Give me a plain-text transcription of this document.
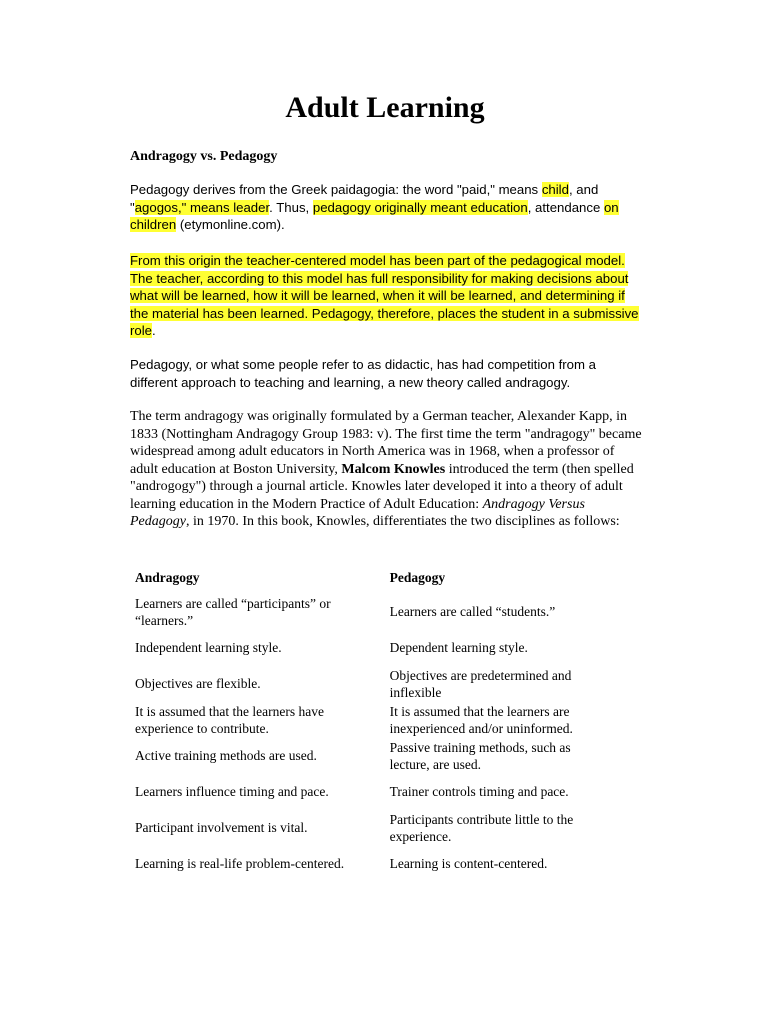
Adult Learning
Andragogy vs. Pedagogy

Pedagogy derives from the Greek paidagogia: the word "paid," means child, and "agogos," means leader. Thus, pedagogy originally meant education, attendance on children (etymonline.com).

From this origin the teacher-centered model has been part of the pedagogical model. The teacher, according to this model has full responsibility for making decisions about what will be learned, how it will be learned, when it will be learned, and determining if the material has been learned. Pedagogy, therefore, places the student in a submissive role.

Pedagogy, or what some people refer to as didactic, has had competition from a different approach to teaching and learning, a new theory called andragogy.

The term andragogy was originally formulated by a German teacher, Alexander Kapp, in 1833 (Nottingham Andragogy Group 1983: v). The first time the term "andragogy" became widespread among adult educators in North America was in 1968, when a professor of adult education at Boston University, Malcom Knowles introduced the term (then spelled "androgogy") through a journal article. Knowles later developed it into a theory of adult learning education in the Modern Practice of Adult Education: Andragogy Versus Pedagogy, in 1970. In this book, Knowles, differentiates the two disciplines as follows:

Andragogy	Pedagogy
Learners are called “participants” or “learners.”	Learners are called “students.”
Independent learning style.	Dependent learning style.
Objectives are flexible.	Objectives are predetermined and inflexible
It is assumed that the learners have experience to contribute.	It is assumed that the learners are inexperienced and/or uninformed.
Active training methods are used.	Passive training methods, such as lecture, are used.
Learners influence timing and pace.	Trainer controls timing and pace.
Participant involvement is vital.	Participants contribute little to the experience.
Learning is real-life problem-centered.	Learning is content-centered.
